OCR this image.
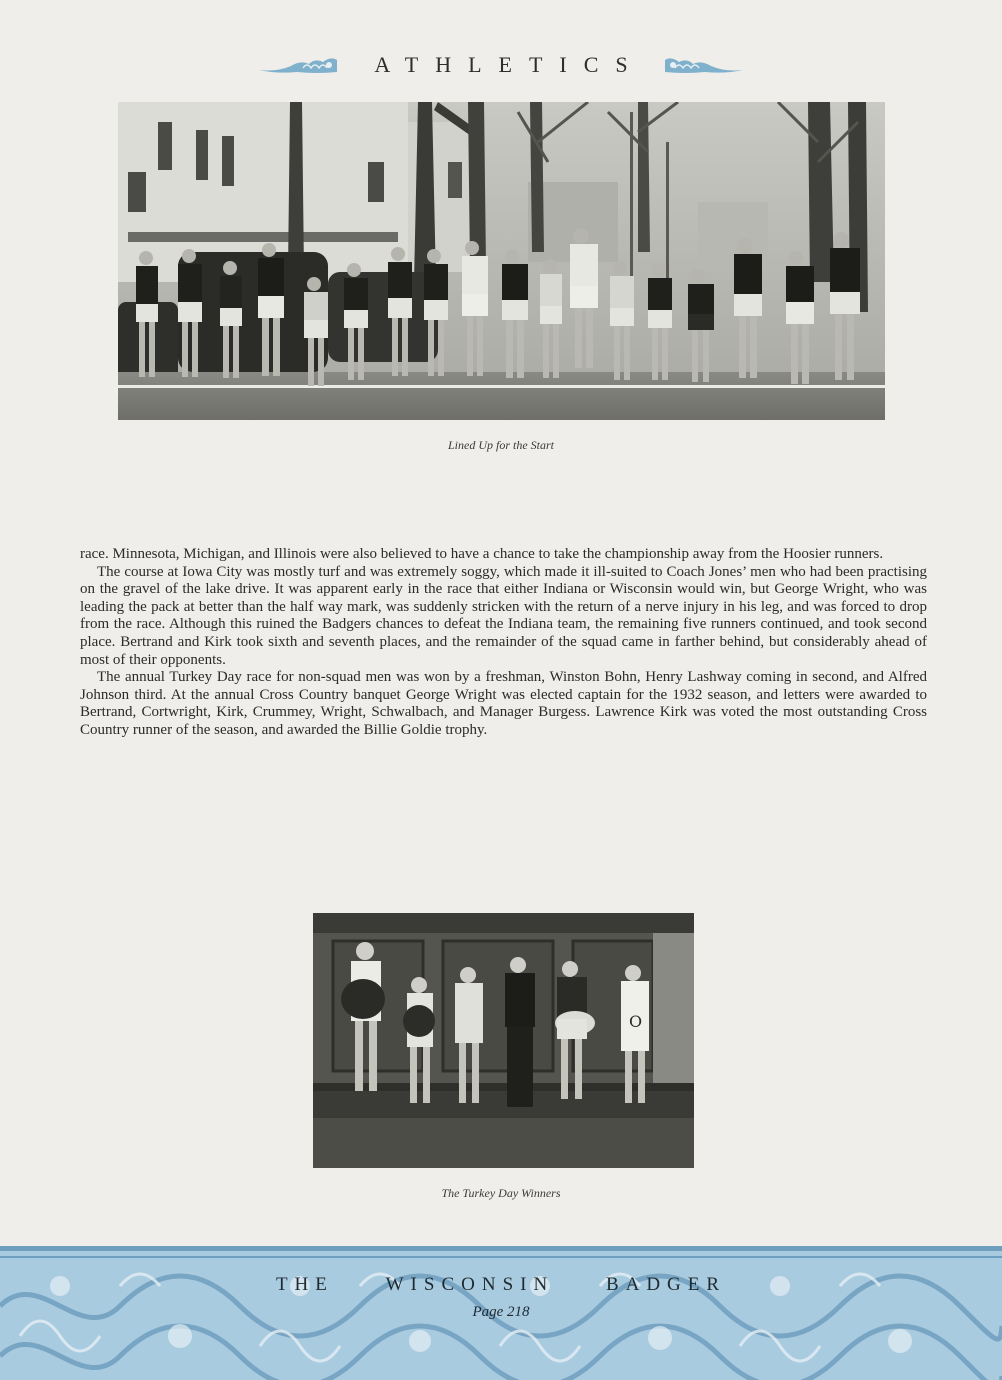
ATHLETICS
Lined Up for the Start

race. Minnesota, Michigan, and Illinois were also believed to have a chance to take the championship away from the Hoosier runners.

The course at Iowa City was mostly turf and was extremely soggy, which made it ill-suited to Coach Jones’ men who had been practising on the gravel of the lake drive. It was apparent early in the race that either Indiana or Wisconsin would win, but George Wright, who was leading the pack at better than the half way mark, was suddenly stricken with the return of a nerve injury in his leg, and was forced to drop from the race. Although this ruined the Badgers chances to defeat the Indiana team, the remaining five runners continued, and took second place. Bertrand and Kirk took sixth and seventh places, and the remainder of the squad came in farther behind, but considerably ahead of most of their opponents.

The annual Turkey Day race for non-squad men was won by a freshman, Winston Bohn, Henry Lashway coming in second, and Alfred Johnson third. At the annual Cross Country banquet George Wright was elected captain for the 1932 season, and letters were awarded to Bertrand, Cortwright, Kirk, Crummey, Wright, Schwalbach, and Manager Burgess. Lawrence Kirk was voted the most outstanding Cross Country runner of the season, and awarded the Billie Goldie trophy.

O
The Turkey Day Winners
THE	WISCONSIN	BADGER
Page 218
